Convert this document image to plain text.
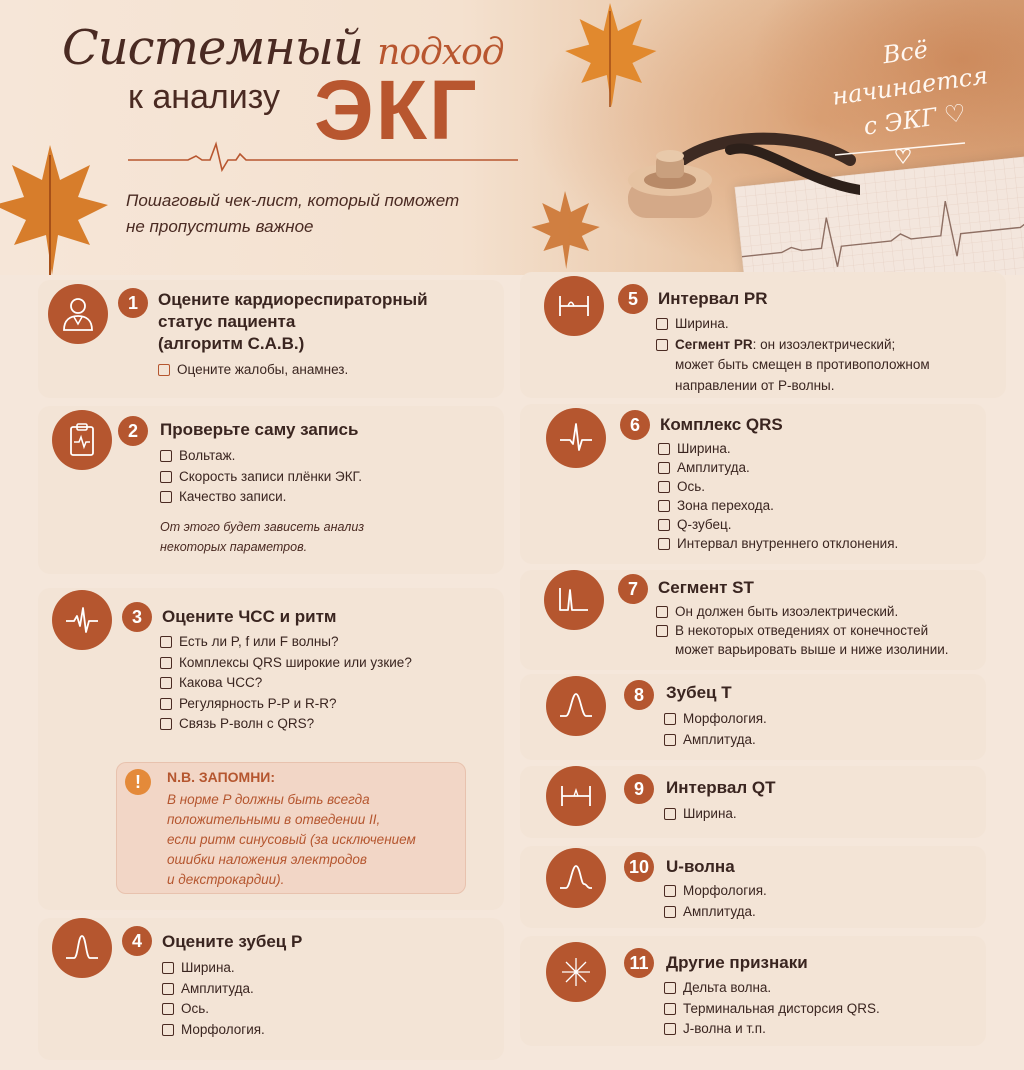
Системный подход
к анализу ЭКГ
Пошаговый чек-лист, который поможет
не пропустить важное
Всё
начинается
с ЭКГ ♡
1	Оцените кардиореспираторный
статус пациента
(алгоритм С.А.В.)
Оцените жалобы, анамнез.
2	Проверьте саму запись
Вольтаж.
Скорость записи плёнки ЭКГ.
Качество записи.
От этого будет зависеть анализ
некоторых параметров.
3	Оцените ЧСС и ритм
Есть ли P, f или F волны?
Комплексы QRS широкие или узкие?
Какова ЧСС?
Регулярность P-P и R-R?
Связь P-волн с QRS?
!	N.B. ЗАПОМНИ:
В норме P должны быть всегда
положительными в отведении II,
если ритм синусовый (за исключением
ошибки наложения электродов
и декстрокардии).
4	Оцените зубец P
Ширина.
Амплитуда.
Ось.
Морфология.
5	Интервал PR
Ширина.
Сегмент PR: он изоэлектрический;
может быть смещен в противоположном
направлении от P-волны.
6	Комплекс QRS
Ширина.
Амплитуда.
Ось.
Зона перехода.
Q-зубец.
Интервал внутреннего отклонения.
7	Сегмент ST
Он должен быть изоэлектрический.
В некоторых отведениях от конечностей
может варьировать выше и ниже изолинии.
8	Зубец T
Морфология.
Амплитуда.
9	Интервал QT
Ширина.
10 U-волна
Морфология.
Амплитуда.
11	Другие признаки
Дельта волна.
Терминальная дисторсия QRS.
J-волна и т.п.
